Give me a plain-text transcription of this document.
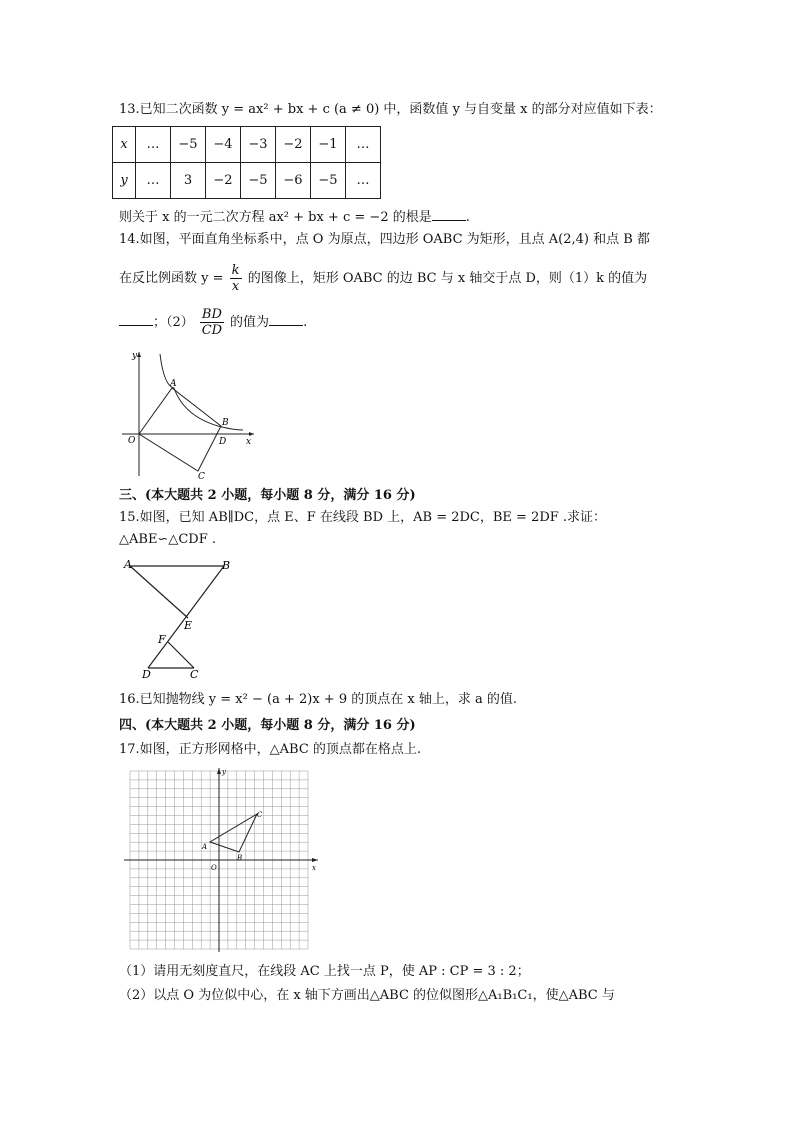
13.已知二次函数 y = ax² + bx + c (a ≠ 0) 中，函数值 y 与自变量 x 的部分对应值如下表：
x	…	−5	−4	−3	−2	−1	…
y	…	3	−2	−5	−6	−5	…
则关于 x 的一元二次方程 ax² + bx + c = −2 的根是	.
14.如图，平面直角坐标系中，点 O 为原点，四边形 OABC 为矩形，且点 A(2,4) 和点 B 都
在反比例函数 $y = \frac{k}{x}$ 的图像上，矩形 OABC 的边 BC 与 x 轴交于点 D，则（1）k 的值为
；$(2) \frac{BD}{CD}$ 的值为	.
y
x
O
A
B
D
C
三、(本大题共 2 小题，每小题 8 分，满分 16 分)
15.如图，已知 AB∥DC，点 E、F 在线段 BD 上，AB = 2DC，BE = 2DF .求证：
△ABE∽△CDF .
A	B
E
F
D	C
16.已知抛物线 y = x² − (a + 2)x + 9 的顶点在 x 轴上，求 a 的值.
四、(本大题共 2 小题，每小题 8 分，满分 16 分)
17.如图，正方形网格中，△ABC 的顶点都在格点上.
y
x
O
A
B
C
（1）请用无刻度直尺，在线段 AC 上找一点 P，使 AP : CP = 3 : 2；
（2）以点 O 为位似中心，在 x 轴下方画出△ABC 的位似图形△A₁B₁C₁，使△ABC 与
